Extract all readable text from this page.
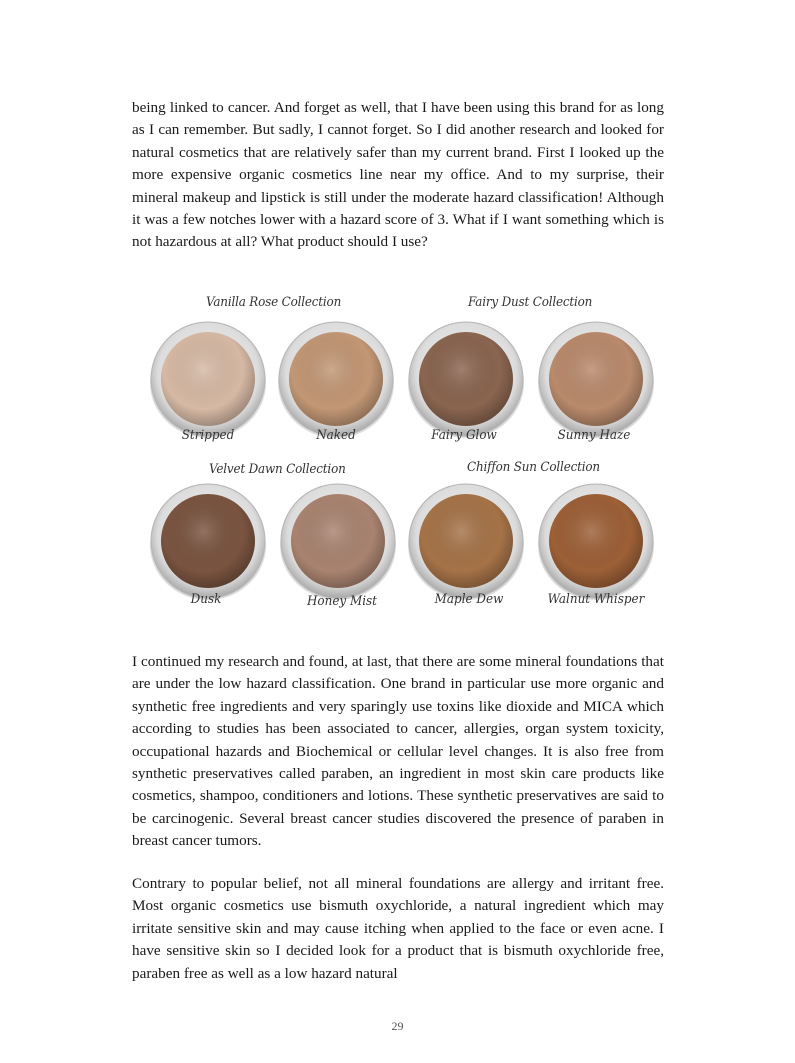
being linked to cancer. And forget as well, that I have been using this brand for as long as I can remember. But sadly, I cannot forget. So I did another research and looked for natural cosmetics that are relatively safer than my current brand. First I looked up the more expensive organic cosmetics line near my office. And to my surprise, their mineral makeup and lipstick is still under the moderate hazard classification! Although it was a few notches lower with a hazard score of 3. What if I want something which is not hazardous at all? What product should I use?

Vanilla Rose Collection	Fairy Dust Collection
Velvet Dawn Collection	Chiffon Sun Collection
Stripped	Naked	Fairy Glow	Sunny Haze
Dusk	Honey Mist	Maple Dew	Walnut Whisper

I continued my research and found, at last, that there are some mineral foundations that are under the low hazard classification. One brand in particular use more organic and synthetic free ingredients and very sparingly use toxins like dioxide and MICA which according to studies has been associated to cancer, allergies, organ system toxicity, occupational hazards and Biochemical or cellular level changes. It is also free from synthetic preservatives called paraben, an ingredient in most skin care products like cosmetics, shampoo, conditioners and lotions. These synthetic preservatives are said to be carcinogenic. Several breast cancer studies discovered the presence of paraben in breast cancer tumors.

Contrary to popular belief, not all mineral foundations are allergy and irritant free. Most organic cosmetics use bismuth oxychloride, a natural ingredient which may irritate sensitive skin and may cause itching when applied to the face or even acne. I have sensitive skin so I decided look for a product that is bismuth oxychloride free, paraben free as well as a low hazard natural

29
